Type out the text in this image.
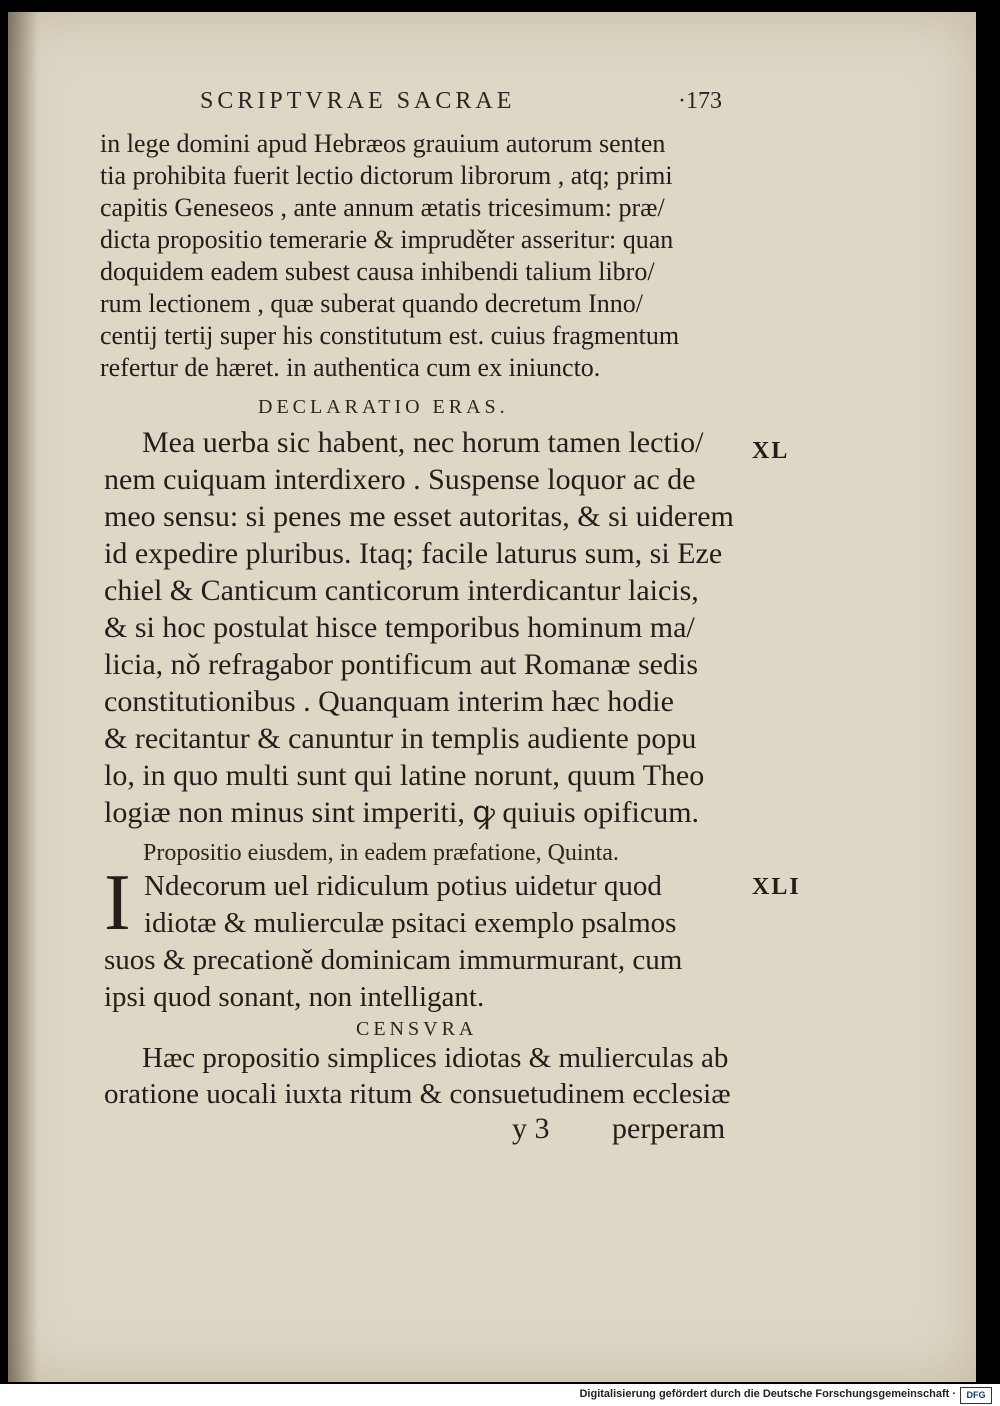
SCRIPTVRAE SACRAE	·173
in lege domini apud Hebræos grauium autorum senten
tia prohibita fuerit lectio dictorum librorum , atq; primi
capitis Geneseos , ante annum ætatis tricesimum: præ/
dicta propositio temerarie & impruděter asseritur: quan
doquidem eadem subest causa inhibendi talium libro/
rum lectionem , quæ suberat quando decretum Inno/
centij tertij super his constitutum est. cuius fragmentum
refertur de hæret. in authentica cum ex iniuncto.
DECLARATIO ERAS.
XL
Mea uerba sic habent, nec horum tamen lectio/
nem cuiquam interdixero . Suspense loquor ac de
meo sensu: si penes me esset autoritas, & si uiderem
id expedire pluribus. Itaq; facile laturus sum, si Eze
chiel & Canticum canticorum interdicantur laicis,
& si hoc postulat hisce temporibus hominum ma/
licia, nǒ refragabor pontificum aut Romanæ sedis
constitutionibus . Quanquam interim hæc hodie
& recitantur & canuntur in templis audiente popu
lo, in quo multi sunt qui latine norunt, quum Theo
logiæ non minus sint imperiti, ꝙ quiuis opificum.
Propositio eiusdem, in eadem præfatione, Quinta.
XLI
I Ndecorum uel ridiculum potius uidetur quod
idiotæ & mulierculæ psitaci exemplo psalmos
suos & precationě dominicam immurmurant, cum
ipsi quod sonant, non intelligant.
CENSVRA
Hæc propositio simplices idiotas & mulierculas ab
oratione uocali iuxta ritum & consuetudinem ecclesiæ
y 3 perperam
Digitalisierung gefördert durch die Deutsche Forschungsgemeinschaft ·	DFG
